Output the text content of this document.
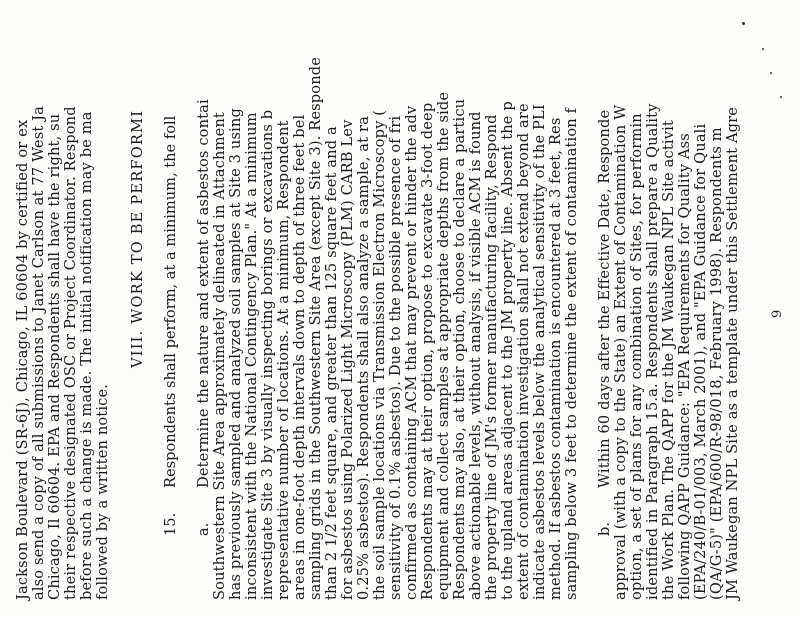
Jackson Boulevard (SR-6J), Chicago, IL 60604 by certified or ex also send a copy of all submissions to Janet Carlson at 77 West Ja Chicago, Il 60604. EPA and Respondents shall have the right, su their respective designated OSC or Project Coordinator. Respond before such a change is made. The initial notification may be ma followed by a written notice.
VIII. WORK TO BE PERFORMI
15.
Respondents shall perform, at a minimum, the foll
a.
Determine the nature and extent of asbestos contai Southwestern Site Area approximately delineated in Attachment has previously sampled and analyzed soil samples at Site 3 using inconsistent with the National Contingency Plan." At a minimum investigate Site 3 by visually inspecting borings or excavations b representative number of locations. At a minimum, Respondent areas in one-foot depth intervals down to depth of three feet bel sampling grids in the Southwestern Site Area (except Site 3). Responde than 2 1/2 feet square, and greater than 125 square feet and a for asbestos using Polarized Light Microscopy (PLM) CARB Lev 0.25% asbestos). Respondents shall also analyze a sample, at ra the soil sample locations via Transmission Electron Microscopy ( sensitivity of 0.1% asbestos). Due to the possible presence of fri confirmed as containing ACM that may prevent or hinder the adv Respondents may at their option, propose to excavate 3-foot deep equipment and collect samples at appropriate depths from the side Respondents may also, at their option, choose to declare a particu above actionable levels, without analysis, if visible ACM is found the property line of JM's former manufacturing facility, Respond to the upland areas adjacent to the JM property line. Absent the p extent of contamination investigation shall not extend beyond are indicate asbestos levels below the analytical sensitivity of the PLI method. If asbestos contamination is encountered at 3 feet, Res sampling below 3 feet to determine the extent of contamination f b.
Within 60 days after the Effective Date, Responde approval (with a copy to the State) an Extent of Contamination W option, a set of plans for any combination of Sites, for performin identified in Paragraph 15.a. Respondents shall prepare a Quality the Work Plan. The QAPP for the JM Waukegan NPL Site activit following QAPP Guidance: "EPA Requirements for Quality Ass (EPA/240/B-01/003, March 2001), and "EPA Guidance for Quali (QA/G-5)" (EPA/600/R-98/018, February 1998). Respondents m JM Waukegan NPL Site as a template under this Settlement Agre 9
